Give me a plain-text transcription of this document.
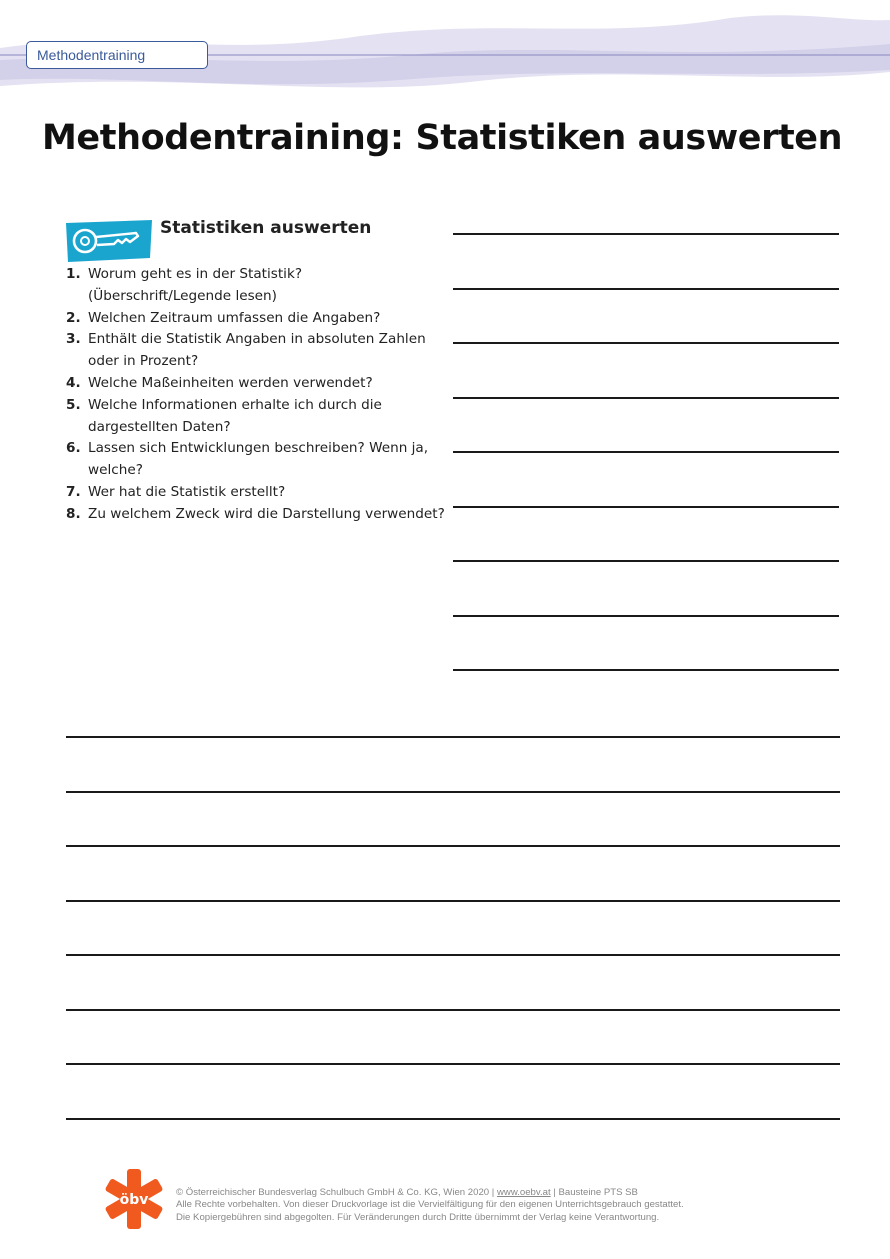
Methodentraining
Methodentraining: Statistiken auswerten
Statistiken auswerten
1. Worum geht es in der Statistik? (Überschrift/Legende lesen)
2. Welchen Zeitraum umfassen die Angaben?
3. Enthält die Statistik Angaben in absoluten Zahlen oder in Prozent?
4. Welche Maßeinheiten werden verwendet?
5. Welche Informationen erhalte ich durch die dargestellten Daten?
6. Lassen sich Entwicklungen beschreiben? Wenn ja, welche?
7. Wer hat die Statistik erstellt?
8. Zu welchem Zweck wird die Darstellung verwendet?
öbv	© Österreichischer Bundesverlag Schulbuch GmbH & Co. KG, Wien 2020 | www.oebv.at | Bausteine PTS SB

Alle Rechte vorbehalten. Von dieser Druckvorlage ist die Vervielfältigung für den eigenen Unterrichtsgebrauch gestattet.

Die Kopiergebühren sind abgegolten. Für Veränderungen durch Dritte übernimmt der Verlag keine Verantwortung.
